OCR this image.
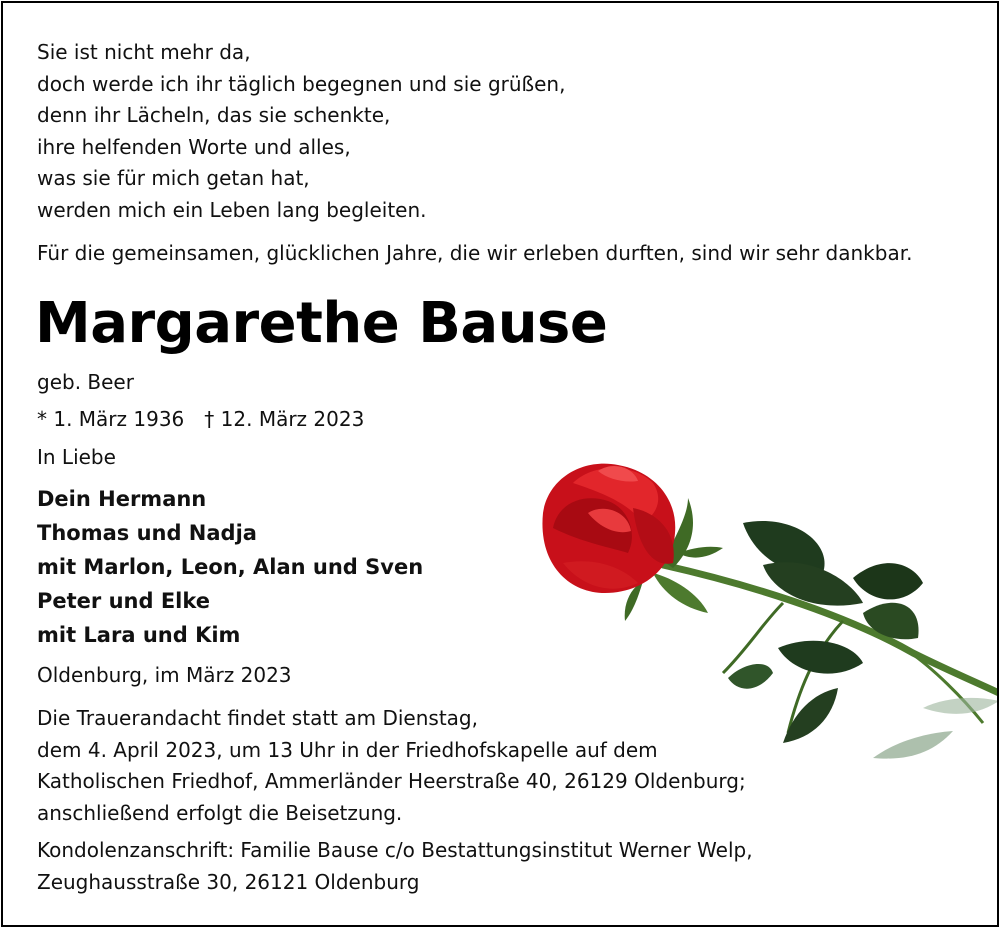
Sie ist nicht mehr da,
doch werde ich ihr täglich begegnen und sie grüßen,
denn ihr Lächeln, das sie schenkte,
ihre helfenden Worte und alles,
was sie für mich getan hat,
werden mich ein Leben lang begleiten.

Für die gemeinsamen, glücklichen Jahre, die wir erleben durften, sind wir sehr dankbar.

Margarethe Bause

geb. Beer

* 1. März 1936 † 12. März 2023

In Liebe

Dein Hermann
Thomas und Nadja
mit Marlon, Leon, Alan und Sven
Peter und Elke
mit Lara und Kim

Oldenburg, im März 2023

Die Trauerandacht findet statt am Dienstag,
dem 4. April 2023, um 13 Uhr in der Friedhofskapelle auf dem
Katholischen Friedhof, Ammerländer Heerstraße 40, 26129 Oldenburg;
anschließend erfolgt die Beisetzung.

Kondolenzanschrift: Familie Bause c/o Bestattungsinstitut Werner Welp,
Zeughausstraße 30, 26121 Oldenburg
